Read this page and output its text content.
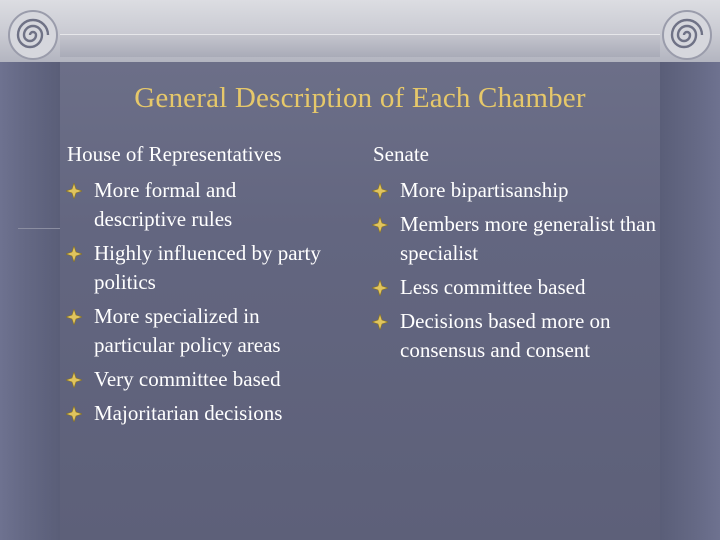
General Description of Each Chamber
House of Representatives	Senate
More formal and descriptive rules
Highly influenced by party politics
More specialized in particular policy areas
Very committee based
Majoritarian decisions
More bipartisanship
Members more generalist than specialist
Less committee based
Decisions based more on consensus and consent
